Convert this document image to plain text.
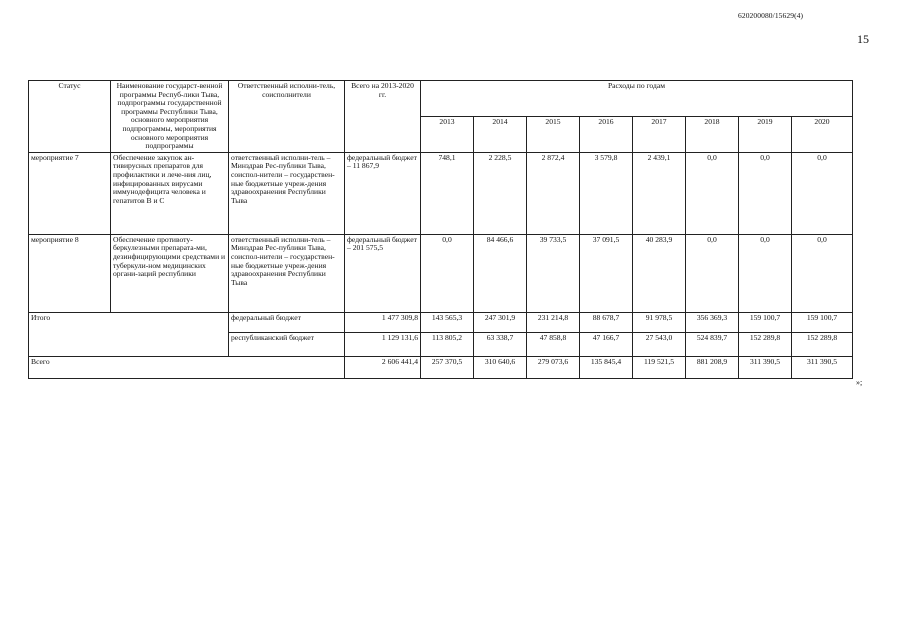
620200080/15629(4)
15
Статус	Наименование государст-венной программы Респуб-лики Тыва, подпрограммы государственной программы Республики Тыва, основного мероприятия подпрограммы, мероприятия основного мероприятия подпрограммы	Ответственный исполни-тель, соисполнители	Всего на 2013-2020 гг.	Расходы по годам							
				2013	2014	2015	2016	2017	2018	2019	2020
мероприятие 7	Обеспечение закупок ан-тивирусных препаратов для профилактики и лече-ния лиц, инфицированных вирусами иммунодефицита человека и гепатитов В и С	ответственный исполни-тель – Минздрав Рес-публики Тыва, соиспол-нители – государствен-ные бюджетные учреж-дения здравоохранения Республики Тыва	федеральный бюджет – 11 867,9	748,1	2 228,5	2 872,4	3 579,8	2 439,1	0,0	0,0	0,0
мероприятие 8	Обеспечение противоту-беркулезными препарата-ми, дезинфицирующими средствами и туберкули-ном медицинских органи-заций республики	ответственный исполни-тель – Минздрав Рес-публики Тыва, соиспол-нители – государствен-ные бюджетные учреж-дения здравоохранения Республики Тыва	федеральный бюджет – 201 575,5	0,0	84 466,6	39 733,5	37 091,5	40 283,9	0,0	0,0	0,0
Итого		федеральный бюджет	1 477 309,8	143 565,3	247 301,9	231 214,8	88 678,7	91 978,5	356 369,3	159 100,7	159 100,7
		республиканский бюджет	1 129 131,6	113 805,2	63 338,7	47 858,8	47 166,7	27 543,0	524 839,7	152 289,8	152 289,8
Всего			2 606 441,4	257 370,5	310 640,6	279 073,6	135 845,4	119 521,5	881 208,9	311 390,5	311 390,5
»;
